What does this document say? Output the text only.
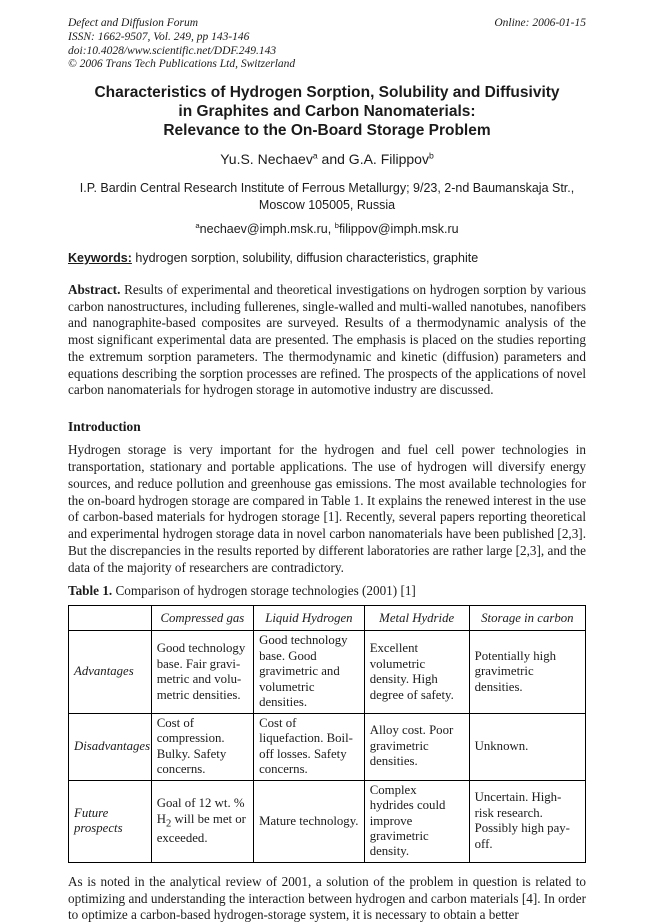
Defect and Diffusion Forum
ISSN: 1662-9507, Vol. 249, pp 143-146
doi:10.4028/www.scientific.net/DDF.249.143
© 2006 Trans Tech Publications Ltd, Switzerland
Online: 2006-01-15
Characteristics of Hydrogen Sorption, Solubility and Diffusivity
in Graphites and Carbon Nanomaterials:
Relevance to the On-Board Storage Problem
Yu.S. Nechaev$^a$ and G.A. Filippov$^b$
I.P. Bardin Central Research Institute of Ferrous Metallurgy; 9/23, 2-nd Baumanskaja Str.,
Moscow 105005, Russia
$^a$nechaev@imph.msk.ru, $^b$filippov@imph.msk.ru
Keywords: hydrogen sorption, solubility, diffusion characteristics, graphite

Abstract. Results of experimental and theoretical investigations on hydrogen sorption by various carbon nanostructures, including fullerenes, single-walled and multi-walled nanotubes, nanofibers and nanographite-based composites are surveyed. Results of a thermodynamic analysis of the most significant experimental data are presented. The emphasis is placed on the studies reporting the extremum sorption parameters. The thermodynamic and kinetic (diffusion) parameters and equations describing the sorption processes are refined. The prospects of the applications of novel carbon nanomaterials for hydrogen storage in automotive industry are discussed.

Introduction

Hydrogen storage is very important for the hydrogen and fuel cell power technologies in transportation, stationary and portable applications. The use of hydrogen will diversify energy sources, and reduce pollution and greenhouse gas emissions. The most available technologies for the on-board hydrogen storage are compared in Table 1. It explains the renewed interest in the use of carbon-based materials for hydrogen storage [1]. Recently, several papers reporting theoretical and experimental hydrogen storage data in novel carbon nanomaterials have been published [2,3]. But the discrepancies in the results reported by different laboratories are rather large [2,3], and the data of the majority of researchers are contradictory.

Table 1. Comparison of hydrogen storage technologies (2001) [1]
	Compressed gas	Liquid Hydrogen	Metal Hydride	Storage in carbon
Advantages	Good technology base. Fair gravi-metric and volu-metric densities.	Good technology base. Good gravimetric and volumetric densities.	Excellent volumetric density. High degree of safety.	Potentially high gravimetric densities.
Disadvantages	Cost of compression. Bulky. Safety concerns.	Cost of liquefaction. Boil-off losses. Safety concerns.	Alloy cost. Poor gravimetric densities.	Unknown.
Future prospects	Goal of 12 wt. % $H_2$ will be met or exceeded.	Mature technology.	Complex hydrides could improve gravimetric density.	Uncertain. High-risk research. Possibly high pay-off.

As is noted in the analytical review of 2001, a solution of the problem in question is related to optimizing and understanding the interaction between hydrogen and carbon materials [4]. In order to optimize a carbon-based hydrogen-storage system, it is necessary to obtain a better
